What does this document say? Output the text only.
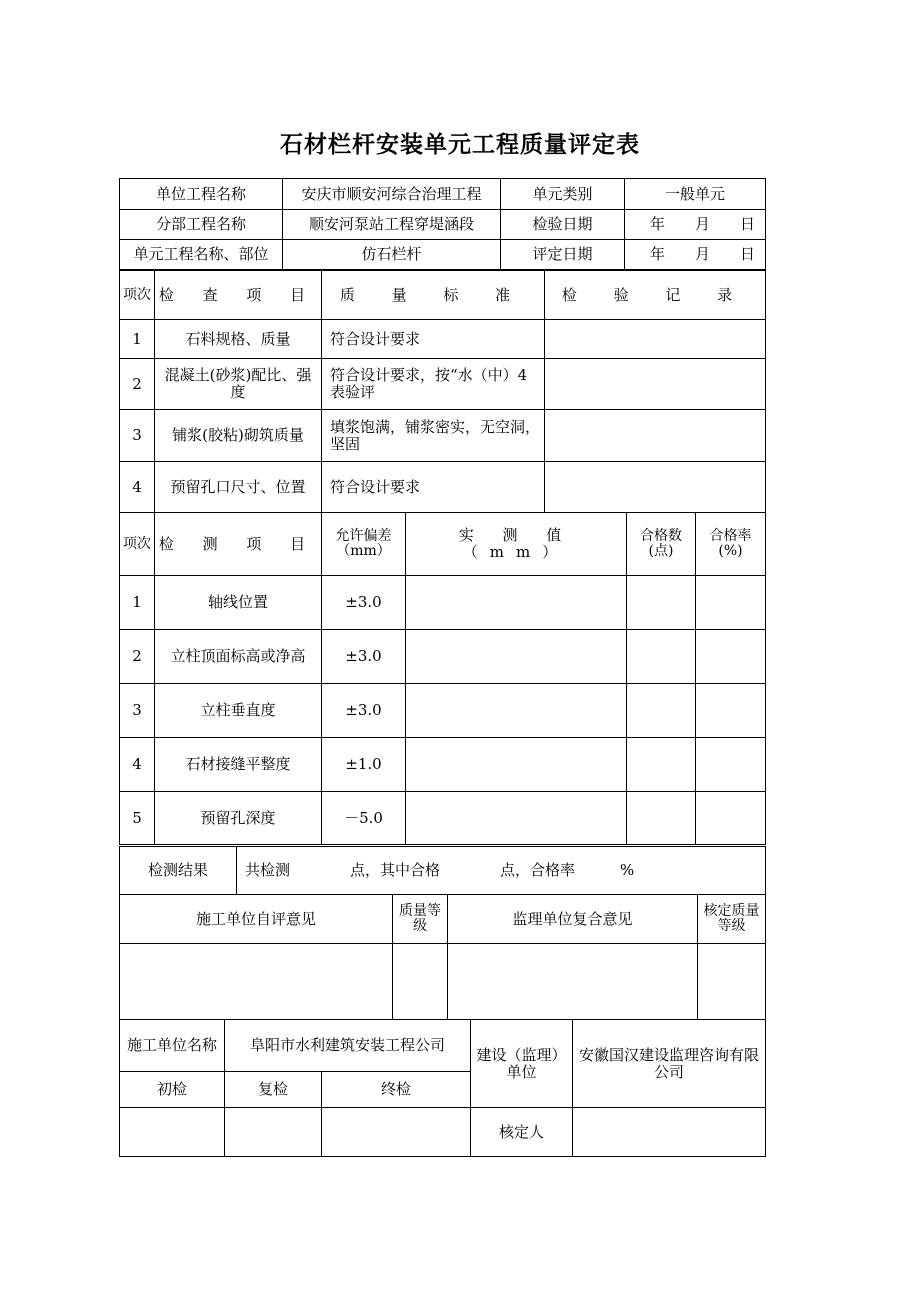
石材栏杆安装单元工程质量评定表
单位工程名称	安庆市顺安河综合治理工程	单元类别	一般单元
分部工程名称	顺安河泵站工程穿堤涵段	检验日期	年　　月　　日
单元工程名称、部位	仿石栏杆	评定日期	年　　月　　日
项次	检 查 项 目	质 量 标 准	检 验 记 录
1	石料规格、质量	符合设计要求	
2	混凝土(砂浆)配比、强度	符合设计要求，按“水（中）4表验评	
3	铺浆(胶粘)砌筑质量	填浆饱满，铺浆密实，无空洞，坚固	
4	预留孔口尺寸、位置	符合设计要求	
项次	检 测 项 目	允许偏差（mm）	实 测 值 （mm）	合格数(点)	合格率(%)
1	轴线位置	±3.0			
2	立柱顶面标高或净高	±3.0			
3	立柱垂直度	±3.0			
4	石材接缝平整度	±1.0			
5	预留孔深度	－5.0			
检测结果	共检测　　　　点，其中合格　　　　点，合格率　　　%
施工单位自评意见	质量等级	监理单位复合意见	核定质量等级

施工单位名称	阜阳市水利建筑安装工程公司		建设（监理）单位	安徽国汉建设监理咨询有限公司
初检	复检	终检		
			核定人	
